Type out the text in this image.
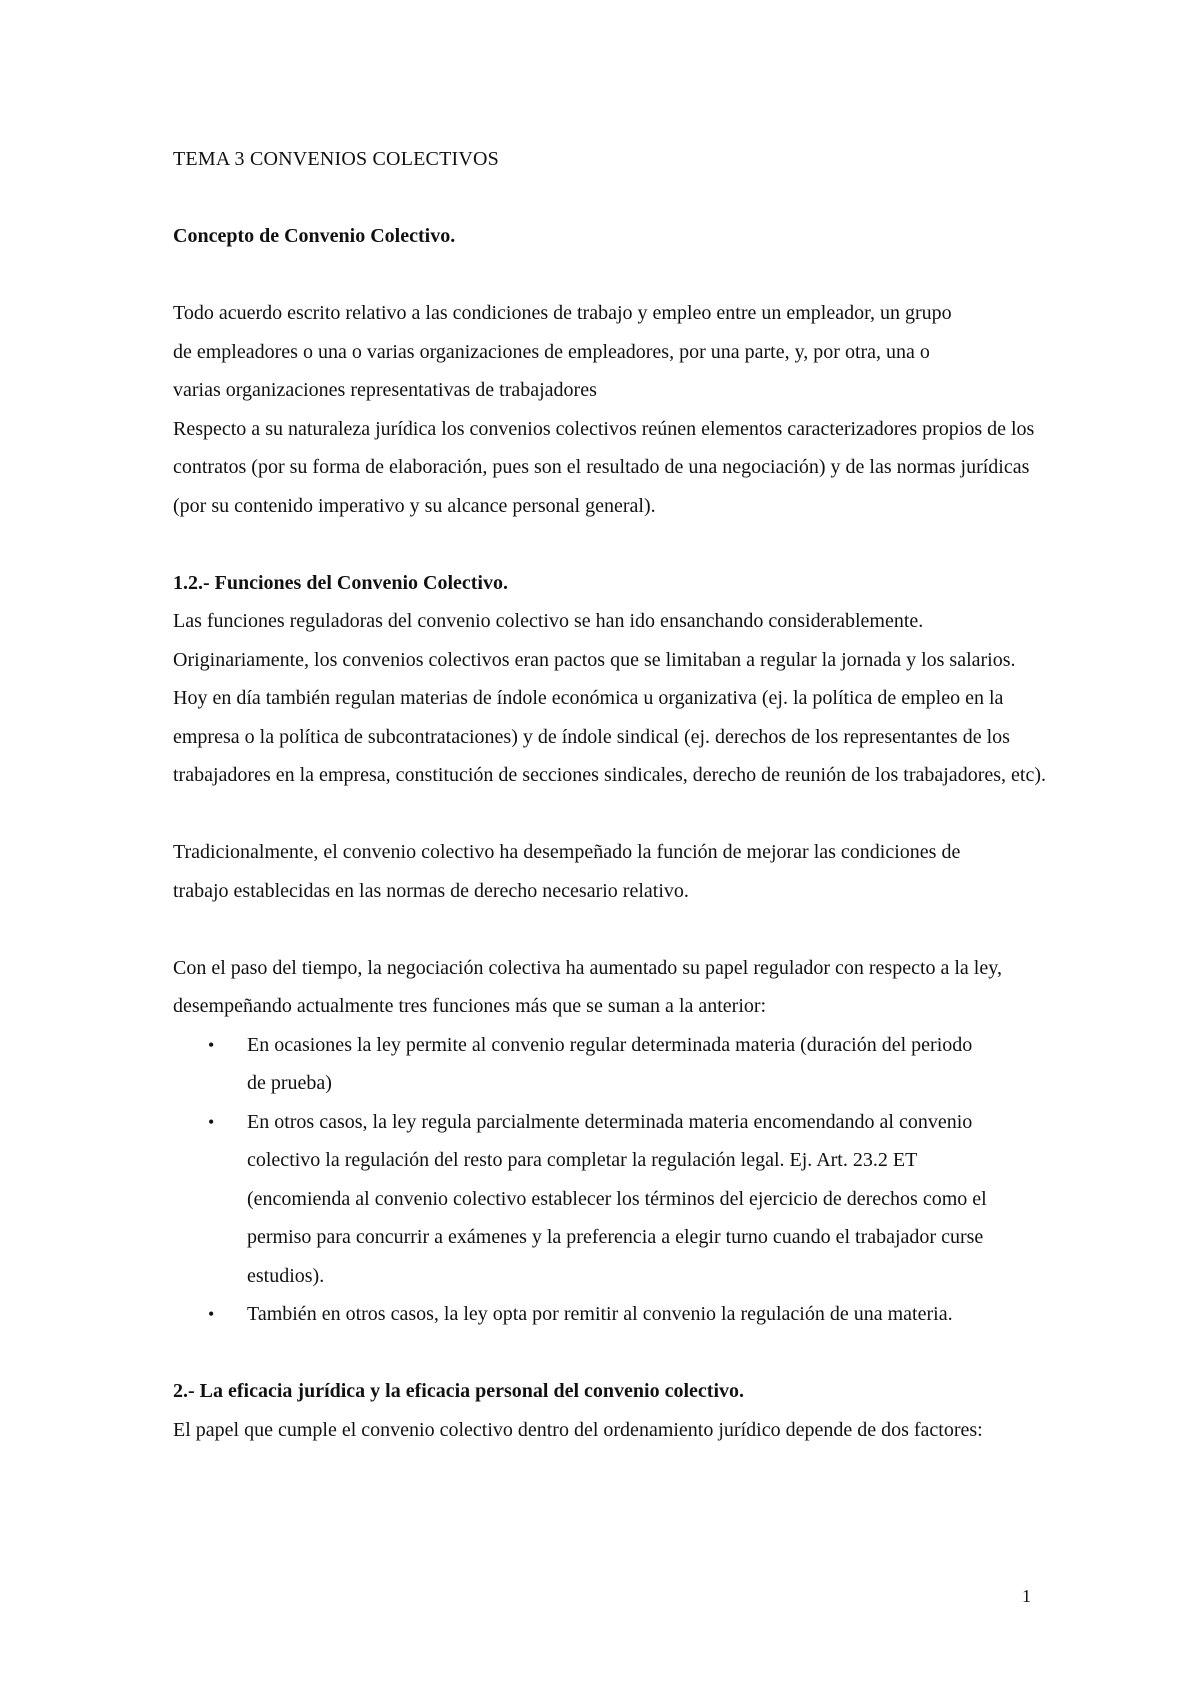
TEMA 3 CONVENIOS COLECTIVOS

Concepto de Convenio Colectivo.

Todo acuerdo escrito relativo a las condiciones de trabajo y empleo entre un empleador, un grupo de empleadores o una o varias organizaciones de empleadores, por una parte, y, por otra, una o varias organizaciones representativas de trabajadores

Respecto a su naturaleza jurídica los convenios colectivos reúnen elementos caracterizadores propios de los contratos (por su forma de elaboración, pues son el resultado de una negociación) y de las normas jurídicas (por su contenido imperativo y su alcance personal general).

1.2.- Funciones del Convenio Colectivo.

Las funciones reguladoras del convenio colectivo se han ido ensanchando considerablemente. Originariamente, los convenios colectivos eran pactos que se limitaban a regular la jornada y los salarios. Hoy en día también regulan materias de índole económica u organizativa (ej. la política de empleo en la empresa o la política de subcontrataciones) y de índole sindical (ej. derechos de los representantes de los trabajadores en la empresa, constitución de secciones sindicales, derecho de reunión de los trabajadores, etc).

Tradicionalmente, el convenio colectivo ha desempeñado la función de mejorar las condiciones de trabajo establecidas en las normas de derecho necesario relativo.

Con el paso del tiempo, la negociación colectiva ha aumentado su papel regulador con respecto a la ley, desempeñando actualmente tres funciones más que se suman a la anterior:

• En ocasiones la ley permite al convenio regular determinada materia (duración del periodo de prueba)
• En otros casos, la ley regula parcialmente determinada materia encomendando al convenio colectivo la regulación del resto para completar la regulación legal. Ej. Art. 23.2 ET (encomienda al convenio colectivo establecer los términos del ejercicio de derechos como el permiso para concurrir a exámenes y la preferencia a elegir turno cuando el trabajador curse estudios).
• También en otros casos, la ley opta por remitir al convenio la regulación de una materia.

2.- La eficacia jurídica y la eficacia personal del convenio colectivo.

El papel que cumple el convenio colectivo dentro del ordenamiento jurídico depende de dos factores:

1
